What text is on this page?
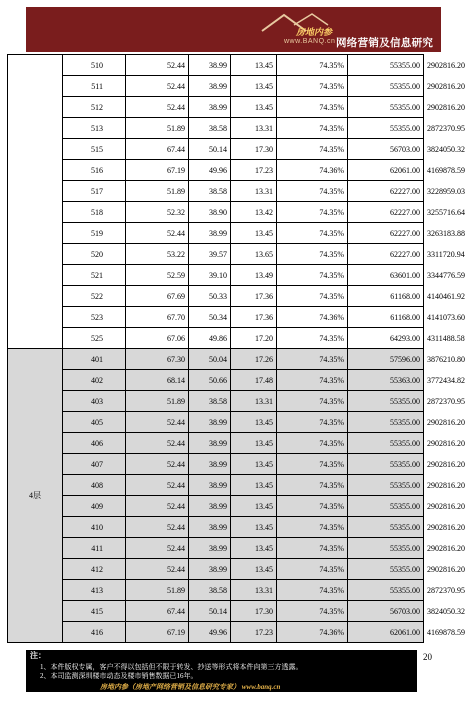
房地内参
www.BANQ.cn 网络营销及信息研究专家
	510	52.44	38.99	13.45	74.35%	55355.00	2902816.20
	511	52.44	38.99	13.45	74.35%	55355.00	2902816.20
	512	52.44	38.99	13.45	74.35%	55355.00	2902816.20
	513	51.89	38.58	13.31	74.35%	55355.00	2872370.95
	515	67.44	50.14	17.30	74.35%	56703.00	3824050.32
	516	67.19	49.96	17.23	74.36%	62061.00	4169878.59
	517	51.89	38.58	13.31	74.35%	62227.00	3228959.03
	518	52.32	38.90	13.42	74.35%	62227.00	3255716.64
	519	52.44	38.99	13.45	74.35%	62227.00	3263183.88
	520	53.22	39.57	13.65	74.35%	62227.00	3311720.94
	521	52.59	39.10	13.49	74.35%	63601.00	3344776.59
	522	67.69	50.33	17.36	74.35%	61168.00	4140461.92
	523	67.70	50.34	17.36	74.36%	61168.00	4141073.60
	525	67.06	49.86	17.20	74.35%	64293.00	4311488.58
4层	401	67.30	50.04	17.26	74.35%	57596.00	3876210.80
	402	68.14	50.66	17.48	74.35%	55363.00	3772434.82
	403	51.89	38.58	13.31	74.35%	55355.00	2872370.95
	405	52.44	38.99	13.45	74.35%	55355.00	2902816.20
	406	52.44	38.99	13.45	74.35%	55355.00	2902816.20
	407	52.44	38.99	13.45	74.35%	55355.00	2902816.20
	408	52.44	38.99	13.45	74.35%	55355.00	2902816.20
	409	52.44	38.99	13.45	74.35%	55355.00	2902816.20
	410	52.44	38.99	13.45	74.35%	55355.00	2902816.20
	411	52.44	38.99	13.45	74.35%	55355.00	2902816.20
	412	52.44	38.99	13.45	74.35%	55355.00	2902816.20
	413	51.89	38.58	13.31	74.35%	55355.00	2872370.95
	415	67.44	50.14	17.30	74.35%	56703.00	3824050.32
	416	67.19	49.96	17.23	74.36%	62061.00	4169878.59
注：
1、本件版权专属，客户不得以包括但不限于转发、抄送等形式将本件向第三方透露。
2、本司监测深圳楼市动态及楼市销售数据已16年。
房地内参（房地产网络营销及信息研究专家） www.banq.cn
20
